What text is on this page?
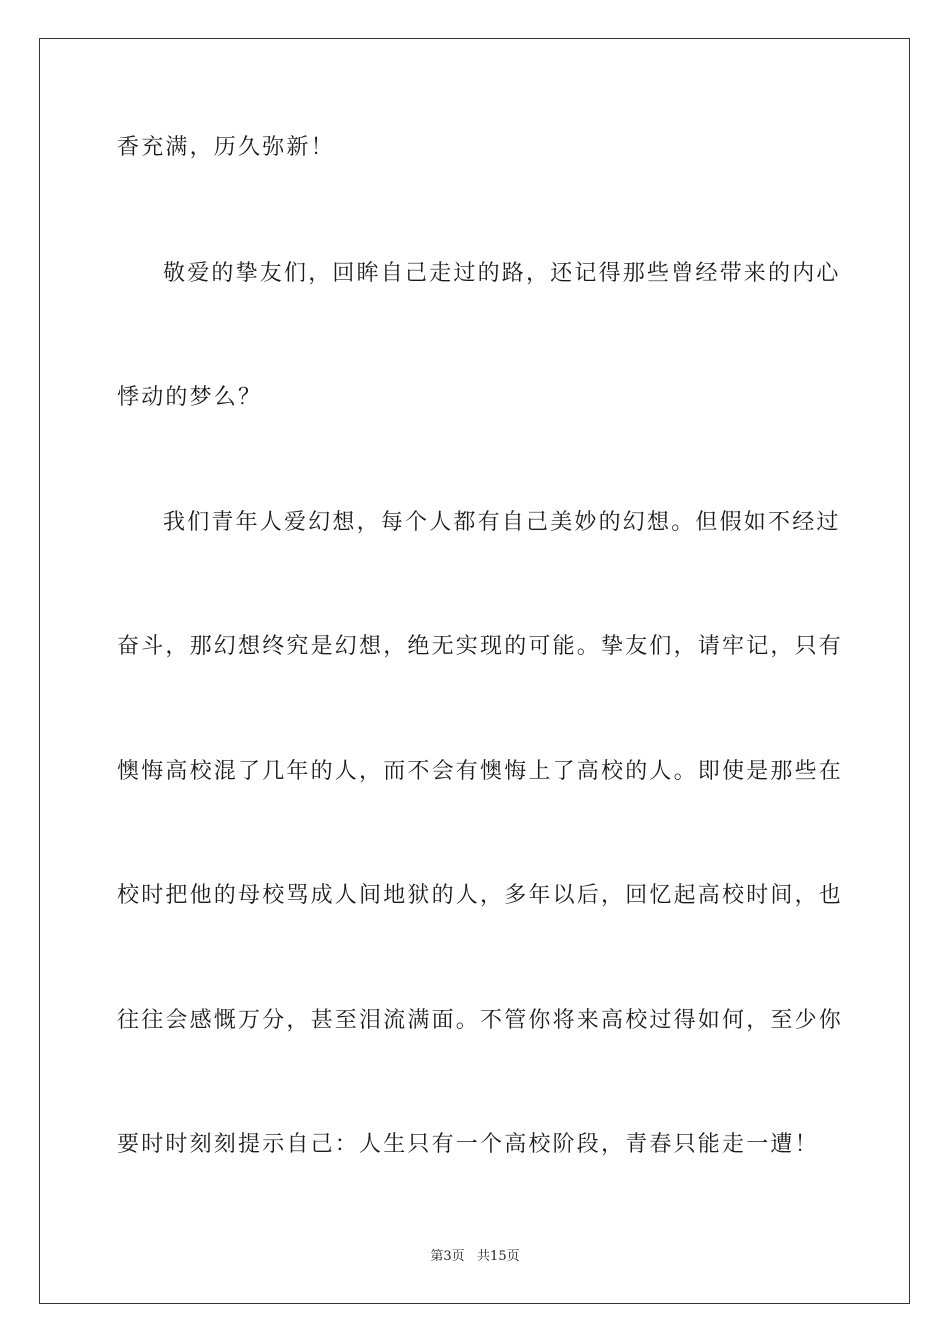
香充满，历久弥新！
敬爱的挚友们，回眸自己走过的路，还记得那些曾经带来的内心
悸动的梦么？
我们青年人爱幻想，每个人都有自己美妙的幻想。但假如不经过
奋斗，那幻想终究是幻想，绝无实现的可能。挚友们，请牢记，只有
懊悔高校混了几年的人，而不会有懊悔上了高校的人。即使是那些在
校时把他的母校骂成人间地狱的人，多年以后，回忆起高校时间，也
往往会感慨万分，甚至泪流满面。不管你将来高校过得如何，至少你
要时时刻刻提示自己：人生只有一个高校阶段，青春只能走一遭！
第3页   共15页
